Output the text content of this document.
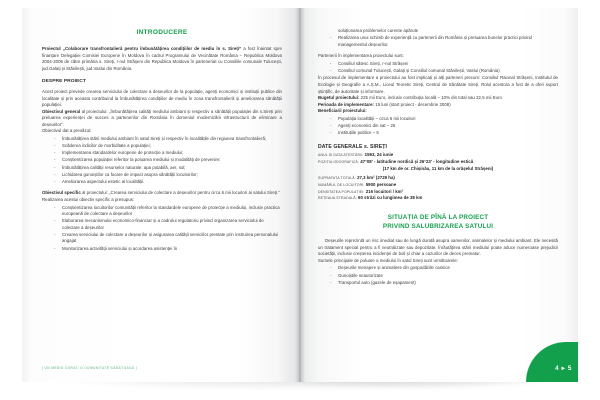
INTRODUCERE

Proiectul „Colaborare transfrontalieră pentru îmbunătățirea condițiilor de mediu în s. Sireți” a fost înaintat spre finanțare Delegației Comisiei Europene în Moldova în cadrul Programului de Vecinătate România – Republica Moldova 2004-2006 de către primăria s. Sireți, r-nul Strășeni din Republica Moldova în parteneriat cu Consiliile comunale Tulucești, jud.Galați și Stănilești, jud.Vaslui din România.

DESPRE PROIECT

Acest proiect prevede crearea serviciului de colectare a deșeurilor de la populație, agenți economici și instituții publice din localitate și prin aceasta contribuind la îmbunătățirea condițiilor de mediu în zona transfrontalieră și ameliorarea sănătății populației.

Obiectivul general al proiectului: „Îmbunătățirea calități mediului ambiant și respectiv a sănătății populației din s.Sireți prin preluarea experienței de succes a partenerilor din România în domeniul modernizării infrastructurii de eliminare a deșeurilor”.

Obiectivul dat a prevăzut:

- Îmbunătățirea stării mediului ambiant în satul Sireți și respectiv în localitățile din regiunea transfrontalieră;
- Scăderea indicilor de morbiditate a populației;
- Implementarea standardelor europene de protecție a mediului;
- Conștientizarea populației referitor la poluarea mediului și modalități de prevenire;
- Îmbunătățirea calității resurselor naturale: apa potabilă, aer, sol;
- Lichidarea gunoiștilor ca focare de impact asupra sănătății locuitorilor;
- Ameliorarea aspectului estetic al localității.

Obiectivul specific al proiectului: „Crearea serviciului de colectare a deșeurilor pentru circa 6 mii locuitori ai satului Sireți.”

Realizarea acestui obiectiv specific a presupus:

- Conștientizarea locuitorilor comunității referitor la standardele europene de protecție a mediului, inclusiv practica europeană de colectare a deșeurilor
- Elaborarea mecanismului economico-financiar și a cadrului regulatoriu privind organizarea serviciului de colectare a deșeurilor
- Crearea serviciului de colectare a deșeurilor și asigurarea calității serviciilor prestate prin instruirea personalului angajat
- Monitorizarea activității serviciului și acordarea asistenței în
| UN MEDIU CURAT, O COMUNITATE SĂNĂTOASĂ |
soluționarea problemelor curente apărute
- Realizarea unui schimb de experiență cu partenerii din România și preluarea bunelor practici privind managementul deșeurilor.

Partenerii în implementarea proiectului sunt:

- Consiliul sătesc Sireți, r-nul Strășeni
- Consiliul comunal Tulucești, Galați și Consiliul comunal Stănilești, Vaslui (România)

În procesul de implementare a proiectului au fost implicați și alți parteneri precum: Consiliul Raional Strășeni, Institutul de Ecologie și Geografie a A.Ș.M., Liceul Teoretic Sireți, Centrul de Sănătate Sireți. Rolul acestora a fost de a oferi suport științific, de autoritate și informare.

Bugetul proiectului: 225 mii Euro, inclusiv contribuția locală – 10% din total sau 22,5 mii Euro

Perioada de implementare: 15 luni (start proiect - decembrie 2008)

Beneficiarii proiectului:

- Populația localității – circa 6 mii locuitori
- Agenți economici din sat – 25
- Instituțiile publice – 5
DATE GENERALE s. SIREȚI
ANUL ȘI DATA ATESTĂRII: 1593, 24 iunie
POZIȚIA GEOGRAFICĂ: 47°08ʹ - latitudine nordică și 26°23ʹ - longitudine estică
(17 km de or. Chișinău, 11 km de la orășelul Strășeni)
SUPRAFAȚA TOTALĂ: 27,3 km² (2729 ha)
NUMĂRUL DE LOCUITORI: 5900 persoane
DENSITATEA POPULAȚIEI: 216 locuitori / km²
REȚEAUA STRADALĂ: 60 străzi cu lungimea de 38 km
SITUAȚIA DE PÎNĂ LA PROIECT
PRIVIND SALUBRIZAREA SATULUI

Deșeurile reprezintă un risc imediat sau de lungă durată asupra oamenilor, animalelor și mediului ambiant. Ele necesită un tratament special pentru a fi neutralizate sau depozitate. Înrăutățirea stării mediului poate aduce numeroase prejudicii societății, inclusiv creșterea incidenței de boli și chiar a cazurilor de deces prematur.

Sursele principale de poluare a mediului în satul Sireți sunt următoarele:

- Deșeurile menajere și animaliere din gospodăriile casnice
- Gunoiștile neautorizate
- Transportul auto (gazele de eșapament)
4 ▸ 5
